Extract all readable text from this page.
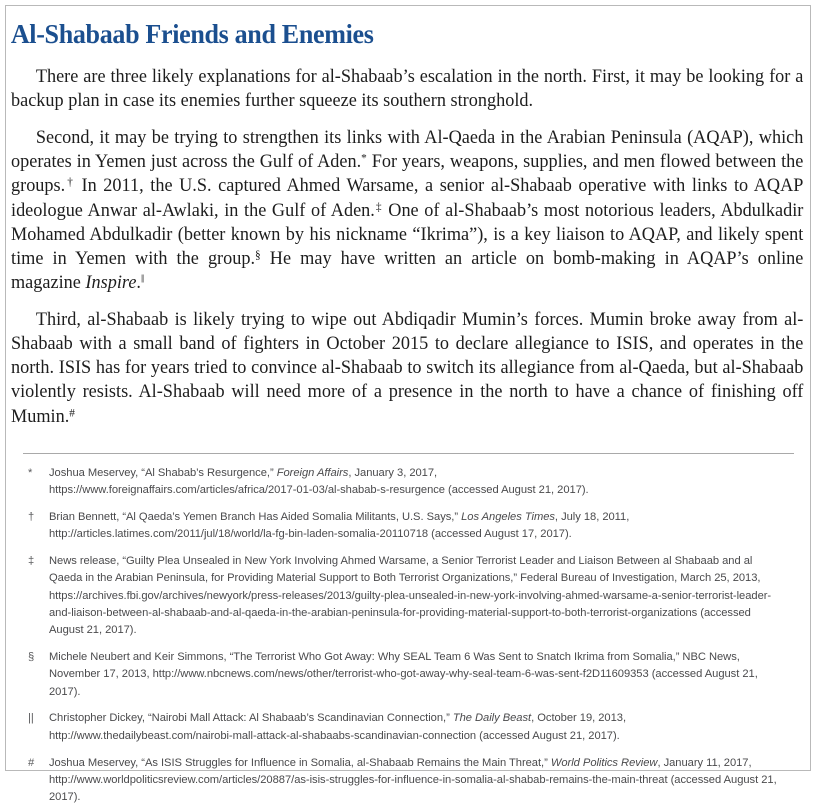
Al-Shabaab Friends and Enemies

There are three likely explanations for al-Shabaab’s escalation in the north. First, it may be looking for a backup plan in case its enemies further squeeze its southern stronghold.

Second, it may be trying to strengthen its links with Al-Qaeda in the Arabian Peninsula (AQAP), which operates in Yemen just across the Gulf of Aden.* For years, weapons, supplies, and men flowed between the groups.† In 2011, the U.S. captured Ahmed Warsame, a senior al-Shabaab operative with links to AQAP ideologue Anwar al-Awlaki, in the Gulf of Aden.‡ One of al-Shabaab’s most notorious leaders, Abdulkadir Mohamed Abdulkadir (better known by his nickname “Ikrima”), is a key liaison to AQAP, and likely spent time in Yemen with the group.§ He may have written an article on bomb-making in AQAP’s online magazine Inspire.‖

Third, al-Shabaab is likely trying to wipe out Abdiqadir Mumin’s forces. Mumin broke away from al-Shabaab with a small band of fighters in October 2015 to declare allegiance to ISIS, and operates in the north. ISIS has for years tried to convince al-Shabaab to switch its allegiance from al-Qaeda, but al-Shabaab violently resists. Al-Shabaab will need more of a presence in the north to have a chance of finishing off Mumin.#

*	Joshua Meservey, “Al Shabab’s Resurgence,” Foreign Affairs, January 3, 2017, https://www.foreignaffairs.com/articles/africa/2017-01-03/al-shabab-s-resurgence (accessed August 21, 2017).
†	Brian Bennett, “Al Qaeda’s Yemen Branch Has Aided Somalia Militants, U.S. Says,” Los Angeles Times, July 18, 2011, http://articles.latimes.com/2011/jul/18/world/la-fg-bin-laden-somalia-20110718 (accessed August 17, 2017).
‡	News release, “Guilty Plea Unsealed in New York Involving Ahmed Warsame, a Senior Terrorist Leader and Liaison Between al Shabaab and al Qaeda in the Arabian Peninsula, for Providing Material Support to Both Terrorist Organizations,” Federal Bureau of Investigation, March 25, 2013, https://archives.fbi.gov/archives/newyork/press-releases/2013/guilty-plea-unsealed-in-new-york-involving-ahmed-warsame-a-senior-terrorist-leader-and-liaison-between-al-shabaab-and-al-qaeda-in-the-arabian-peninsula-for-providing-material-support-to-both-terrorist-organizations (accessed August 21, 2017).
§	Michele Neubert and Keir Simmons, “The Terrorist Who Got Away: Why SEAL Team 6 Was Sent to Snatch Ikrima from Somalia,” NBC News, November 17, 2013, http://www.nbcnews.com/news/other/terrorist-who-got-away-why-seal-team-6-was-sent-f2D11609353 (accessed August 21, 2017).
||	Christopher Dickey, “Nairobi Mall Attack: Al Shabaab’s Scandinavian Connection,” The Daily Beast, October 19, 2013, http://www.thedailybeast.com/nairobi-mall-attack-al-shabaabs-scandinavian-connection (accessed August 21, 2017).
#	Joshua Meservey, “As ISIS Struggles for Influence in Somalia, al-Shabaab Remains the Main Threat,” World Politics Review, January 11, 2017, http://www.worldpoliticsreview.com/articles/20887/as-isis-struggles-for-influence-in-somalia-al-shabab-remains-the-main-threat (accessed August 21, 2017).
